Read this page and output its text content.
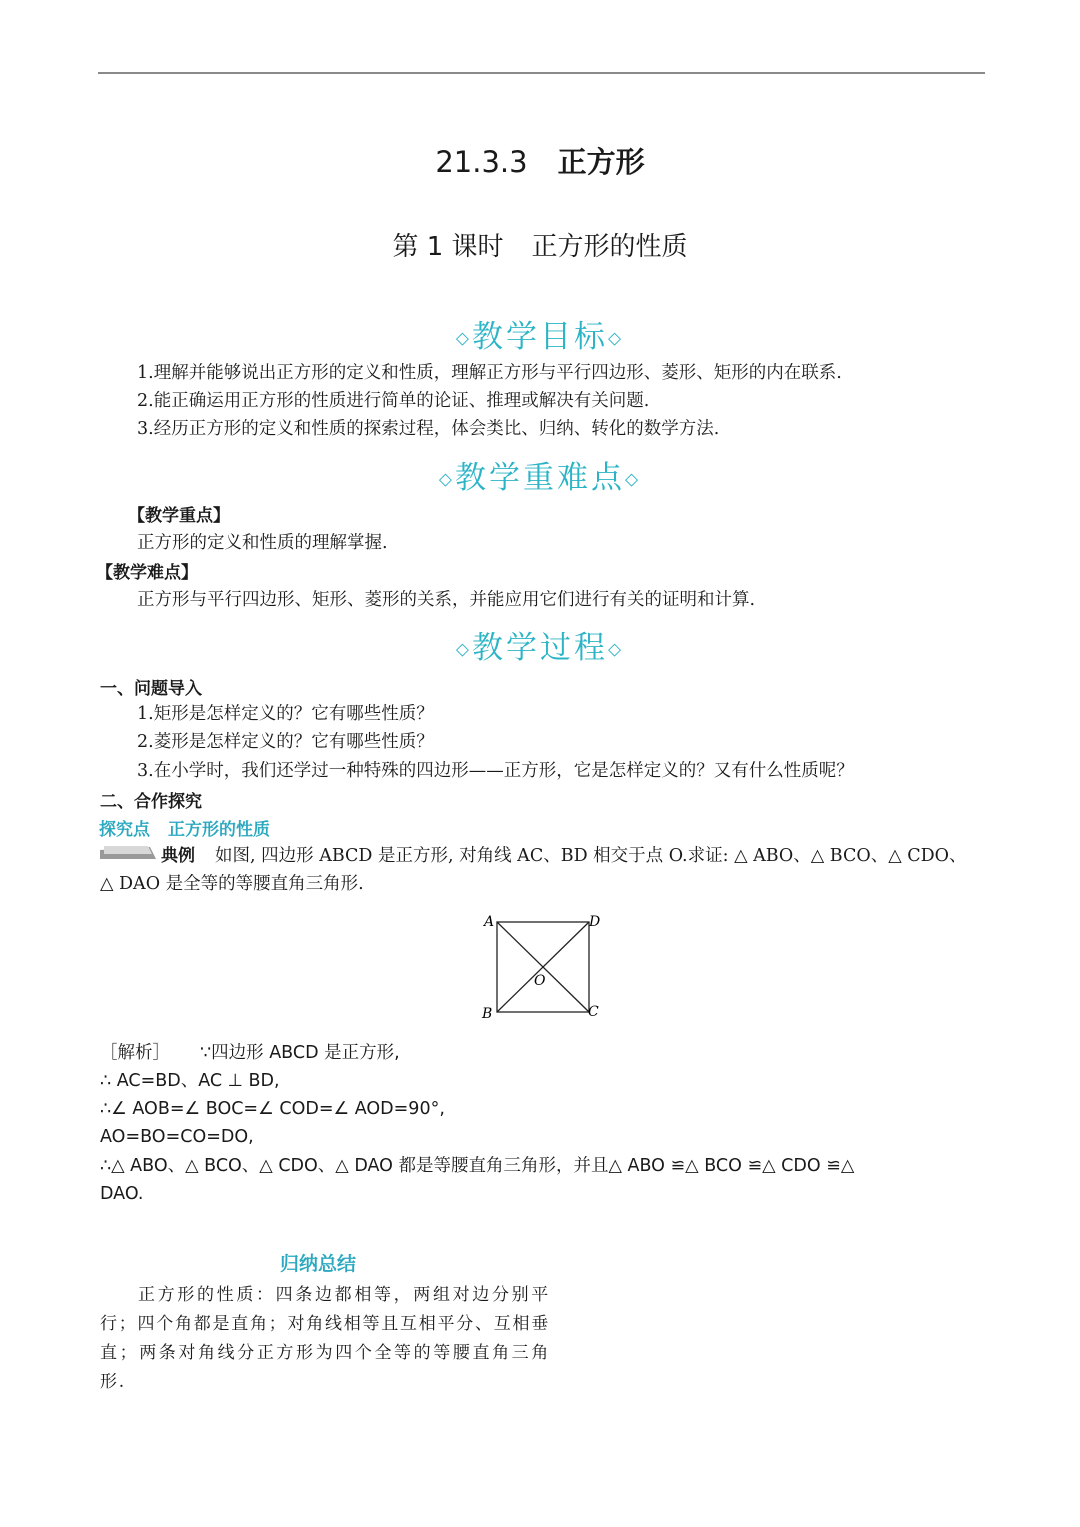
21.3.3 正方形
第 1 课时 正方形的性质
◇教学目标◇
1.理解并能够说出正方形的定义和性质，理解正方形与平行四边形、菱形、矩形的内在联系.
2.能正确运用正方形的性质进行简单的论证、推理或解决有关问题.
3.经历正方形的定义和性质的探索过程，体会类比、归纳、转化的数学方法.
◇教学重难点◇
【教学重点】
正方形的定义和性质的理解掌握.
【教学难点】
正方形与平行四边形、矩形、菱形的关系，并能应用它们进行有关的证明和计算.
◇教学过程◇
一、问题导入
1.矩形是怎样定义的？它有哪些性质？
2.菱形是怎样定义的？它有哪些性质？
3.在小学时，我们还学过一种特殊的四边形——正方形，它是怎样定义的？又有什么性质呢？
二、合作探究
探究点 正方形的性质
典例 如图, 四边形 ABCD 是正方形, 对角线 AC、BD 相交于点 O.求证: △ ABO、△ BCO、△ CDO、
△ DAO 是全等的等腰直角三角形.
A	D
B	C
O
［解析］ ∵四边形 ABCD 是正方形,
∴ AC=BD、AC ⊥ BD,
∴∠ AOB=∠ BOC=∠ COD=∠ AOD=90°,
AO=BO=CO=DO,
∴△ ABO、△ BCO、△ CDO、△ DAO 都是等腰直角三角形，并且△ ABO ≌△ BCO ≌△ CDO ≌△
DAO.
归纳总结
正方形的性质：四条边都相等，两组对边分别平行；四个角都是直角；对角线相等且互相平分、互相垂直；两条对角线分正方形为四个全等的等腰直角三角形.
